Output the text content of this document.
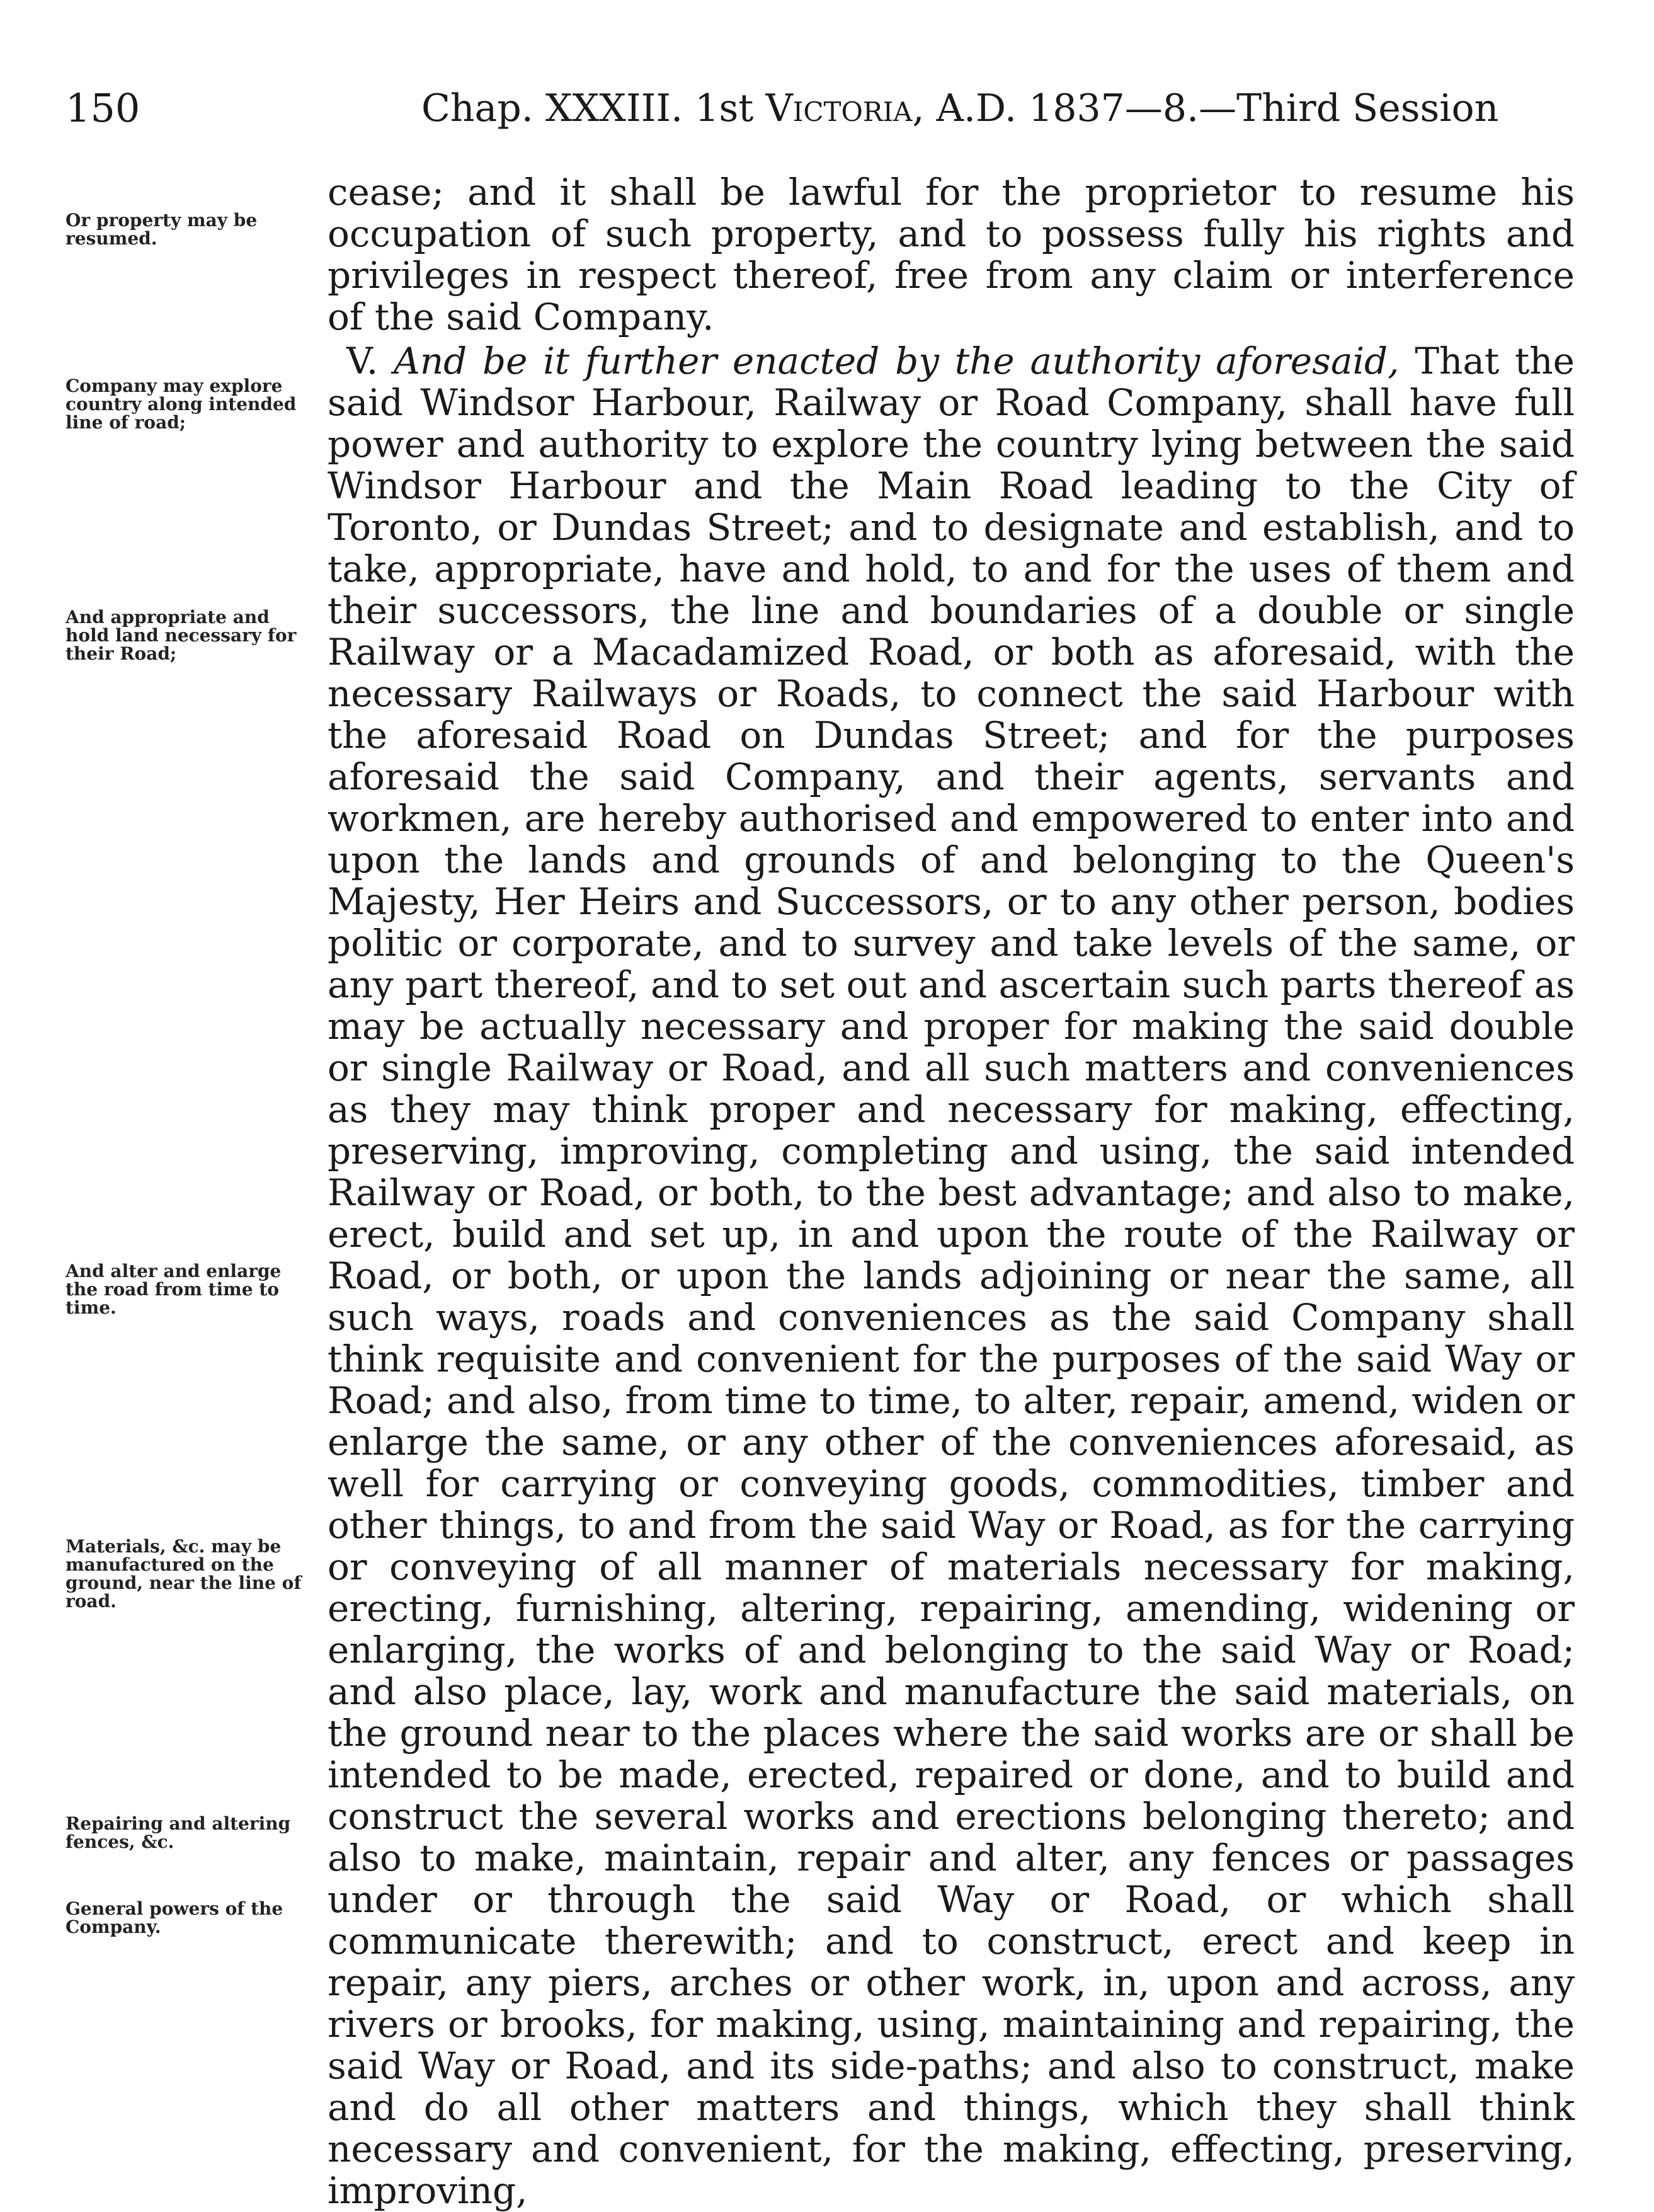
150	Chap. XXXIII. 1st Victoria, A.D. 1837—8.—Third Session
Or property may be resumed.
Company may explore country along intended line of road;
And appropriate and hold land necessary for their Road;
And alter and enlarge the road from time to time.
Materials, &c. may be manufactured on the ground, near the line of road.
Repairing and altering fences, &c.
General powers of the Company.

cease; and it shall be lawful for the proprietor to resume his occupation of such property, and to possess fully his rights and privileges in respect thereof, free from any claim or interference of the said Company.

V. And be it further enacted by the authority aforesaid, That the said Windsor Harbour, Railway or Road Company, shall have full power and authority to explore the country lying between the said Windsor Harbour and the Main Road leading to the City of Toronto, or Dundas Street; and to designate and establish, and to take, appropriate, have and hold, to and for the uses of them and their successors, the line and boundaries of a double or single Railway or a Macadamized Road, or both as aforesaid, with the necessary Railways or Roads, to connect the said Harbour with the aforesaid Road on Dundas Street; and for the purposes aforesaid the said Company, and their agents, servants and workmen, are hereby authorised and empowered to enter into and upon the lands and grounds of and belonging to the Queen's Majesty, Her Heirs and Successors, or to any other person, bodies politic or corporate, and to survey and take levels of the same, or any part thereof, and to set out and ascertain such parts thereof as may be actually necessary and proper for making the said double or single Railway or Road, and all such matters and conveniences as they may think proper and necessary for making, effecting, preserving, improving, completing and using, the said intended Railway or Road, or both, to the best advantage; and also to make, erect, build and set up, in and upon the route of the Railway or Road, or both, or upon the lands adjoining or near the same, all such ways, roads and conveniences as the said Company shall think requisite and convenient for the purposes of the said Way or Road; and also, from time to time, to alter, repair, amend, widen or enlarge the same, or any other of the conveniences aforesaid, as well for carrying or conveying goods, commodities, timber and other things, to and from the said Way or Road, as for the carrying or conveying of all manner of materials necessary for making, erecting, furnishing, altering, repairing, amending, widening or enlarging, the works of and belonging to the said Way or Road; and also place, lay, work and manufacture the said materials, on the ground near to the places where the said works are or shall be intended to be made, erected, repaired or done, and to build and construct the several works and erections belonging thereto; and also to make, maintain, repair and alter, any fences or passages under or through the said Way or Road, or which shall communicate therewith; and to construct, erect and keep in repair, any piers, arches or other work, in, upon and across, any rivers or brooks, for making, using, maintaining and repairing, the said Way or Road, and its side-paths; and also to construct, make and do all other matters and things, which they shall think necessary and convenient, for the making, effecting, preserving, improving,
